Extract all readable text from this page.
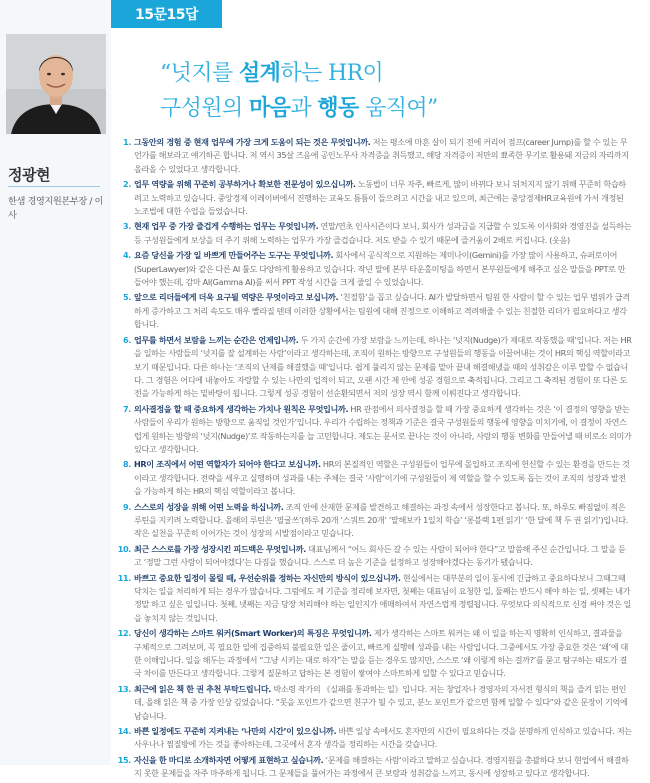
15문15답
정광현
한샘 경영지원본부장 / 이사
“넛지를 설계하는 HR이
구성원의 마음과 행동 움직여”
1. 그동안의 경험 중 현재 업무에 가장 크게 도움이 되는 것은 무엇입니까. 저는 평소에 마흔 살이 되기 전에 커리어 점프(career Jump)를 할 수 있는 무언가를 해보라고 얘기하곤 합니다. 저 역시 35살 즈음에 공인노무사 자격증을 취득했고, 해당 자격증이 저만의 뾰족한 무기로 활용돼 지금의 자리까지 올라올 수 있었다고 생각합니다.
2. 업무 역량을 위해 꾸준히 공부하거나 확보한 전문성이 있으십니까. 노동법이 너무 자주, 빠르게, 많이 바뀌다 보니 뒤처지지 않기 위해 꾸준히 학습하려고 노력하고 있습니다. 중앙경제 이레이버에서 진행하는 교육도 틈틈이 들으려고 시간을 내고 있으며, 최근에는 중앙경제HR교육원에 가서 개정된 노조법에 대한 수업을 들었습니다.
3. 현재 업무 중 가장 즐겁게 수행하는 업무는 무엇입니까. 연말/연초 인사시즌이다 보니, 회사가 성과금을 지급할 수 있도록 이사회와 경영진을 설득하는 등 구성원들에게 보상을 더 주기 위해 노력하는 업무가 가장 즐겁습니다. 저도 받을 수 있기 때문에 즐거움이 2배로 커집니다. (웃음)
4. 요즘 당신을 가장 일 바쁘게 만들어주는 도구는 무엇입니까. 회사에서 공식적으로 지원하는 제미나이(Gemini)를 가장 많이 사용하고, 슈퍼로이어(SuperLawyer)와 같은 다른 AI 툴도 다양하게 활용하고 있습니다. 작년 말에 본부 타운홀미팅을 하면서 본부원들에게 해주고 싶은 말들을 PPT로 만들어야 했는데, 감마 AI(Gamma AI)를 써서 PPT 작성 시간을 크게 줄일 수 있었습니다.
5. 앞으로 리더들에게 더욱 요구될 역량은 무엇이라고 보십니까. ‘친절함’을 꼽고 싶습니다. AI가 발달하면서 팀원 한 사람이 할 수 있는 업무 범위가 급격하게 증가하고 그 처리 속도도 매우 빨라질 텐데 이러한 상황에서는 팀원에 대해 진정으로 이해하고 격려해줄 수 있는 친절한 리더가 필요하다고 생각합니다.
6. 업무를 하면서 보람을 느끼는 순간은 언제입니까. 두 가지 순간에 가장 보람을 느끼는데, 하나는 ‘넛지(Nudge)가 제대로 작동했을 때’입니다. 저는 HR을 일하는 사람들의 ‘넛지를 잘 설계하는 사람’이라고 생각하는데, 조직이 원하는 방향으로 구성원들의 행동을 이끌어내는 것이 HR의 핵심 역할이라고 보기 때문입니다. 다른 하나는 ‘조직의 난제를 해결했을 때’입니다. 쉽게 풀리지 않는 문제를 맡아 끝내 해결해냈을 때의 성취감은 이루 말할 수 없습니다. 그 경험은 어디에 내놓아도 자랑할 수 있는 나만의 업적이 되고, 오랜 시간 제 안에 성공 경험으로 축적됩니다. 그리고 그 축적된 경험이 또 다른 도전을 가능하게 하는 밑바탕이 됩니다. 그렇게 성공 경험이 선순환되면서 저의 성장 역시 함께 이뤄진다고 생각합니다.
7. 의사결정을 할 때 중요하게 생각하는 가치나 원칙은 무엇입니까. HR 관점에서 의사결정을 할 때 가장 중요하게 생각하는 것은 ‘이 결정의 영향을 받는 사람들이 우리가 원하는 방향으로 움직일 것인가’입니다. 우리가 수립하는 정책과 기준은 결국 구성원들의 행동에 영향을 미치기에, 이 결정이 자연스럽게 원하는 방향의 ‘넛지(Nudge)’로 작동하는지를 늘 고민합니다. 제도는 문서로 끝나는 것이 아니라, 사람의 행동 변화를 만들어낼 때 비로소 의미가 있다고 생각합니다.
8. HR이 조직에서 어떤 역할자가 되어야 한다고 보십니까. HR의 본질적인 역할은 구성원들이 업무에 몰입하고 조직에 헌신할 수 있는 환경을 만드는 것이라고 생각합니다. 전략을 세우고 실행하며 성과를 내는 주체는 결국 ‘사람’이기에 구성원들이 제 역할을 할 수 있도록 돕는 것이 조직의 성장과 발전을 가능하게 하는 HR의 핵심 역할이라고 봅니다.
9. 스스로의 성장을 위해 어떤 노력을 하십니까. 조직 안에 산재한 문제를 발견하고 해결하는 과정 속에서 성장한다고 봅니다. 또, 하루도 빠짐없이 적은 루틴을 지키려 노력합니다. 올해의 루틴은 ‘필굴쓰’(하루 20개 ‘스쿼트 20개’ ‘말해보카 1일치 학습’ ‘롱블랙 1편 읽기’ ‘한 달에 책 두 권 읽기’)입니다. 작은 실천을 꾸준히 이어가는 것이 성장의 시발점이라고 믿습니다.
10. 최근 스스로를 가장 성장시킨 피드백은 무엇입니까. 대표님께서 “어느 회사든 갈 수 있는 사람이 되어야 한다”고 말씀해 주신 순간입니다. 그 말을 듣고 ‘정말 그런 사람이 되어야겠다’는 다짐을 했습니다. 스스로 더 높은 기준을 설정하고 성장해야겠다는 동기가 됐습니다.
11. 바쁘고 중요한 일정이 몰릴 때, 우선순위를 정하는 자신만의 방식이 있으십니까. 현실에서는 대부분의 일이 동시에 긴급하고 중요하다보니 그때그때 닥치는 일을 처리하게 되는 경우가 많습니다. 그럼에도 제 기준을 정리해 보자면, 첫째는 대표님이 요청한 일, 둘째는 반드시 해야 하는 일, 셋째는 내가 정말 하고 싶은 일입니다. 첫째, 넷째는 지금 당장 처리해야 하는 일인지가 애매하여서 자연스럽게 정렬됩니다. 무엇보다 의식적으로 신경 써야 것은 일을 놓치지 않는 것입니다.
12. 당신이 생각하는 스마트 워커(Smart Worker)의 특징은 무엇입니까. 제가 생각하는 스마트 워커는 왜 이 일을 하는지 명확히 인식하고, 결과물을 구체적으로 그려보며, 꼭 필요한 일에 집중하되 불필요한 일은 줄이고, 빠르게 실행해 성과를 내는 사람입니다. 그중에서도 가장 중요한 것은 ‘왜’에 대한 이해입니다. 일을 해두는 과정에서 “그냥 시키는 대로 하자”는 말을 듣는 경우도 많지만, 스스로 ‘왜 이렇게 하는 걸까?’를 묻고 탐구하는 태도가 결국 차이를 만든다고 생각합니다. 그렇게 질문하고 답하는 본 경험이 쌓여야 스마트하게 일할 수 있다고 믿습니다.
13. 최근에 읽은 책 한 권 추천 부탁드립니다. 박소령 작가의 《실패를 통과하는 일》입니다. 저는 창업자나 경영자의 자서전 형식의 책을 즐겨 읽는 편인데, 올해 읽은 책 중 가장 인상 깊었습니다. “못을 포인트가 같으면 친구가 될 수 있고, 분노 포인트가 같으면 함께 일할 수 있다”와 같은 문장이 기억에 남습니다.
14. 바쁜 일정에도 꾸준히 지켜내는 ‘나만의 시간’이 있으십니까. 바쁜 일상 속에서도 혼자만의 시간이 필요하다는 것을 분명하게 인식하고 있습니다. 저는 사우나나 찜질방에 가는 것을 좋아하는데, 그곳에서 혼자 생각을 정리하는 시간을 갖습니다.
15. 자신을 한 마디로 소개하자면 어떻게 표현하고 싶습니까. ‘문제를 해결하는 사람’이라고 말하고 싶습니다. 경영지원을 총괄하다 보니 현업에서 해결하지 못한 문제들을 자주 마주하게 됩니다. 그 문제들을 풀어가는 과정에서 큰 보람과 성취감을 느끼고, 동시에 성장하고 있다고 생각합니다.
